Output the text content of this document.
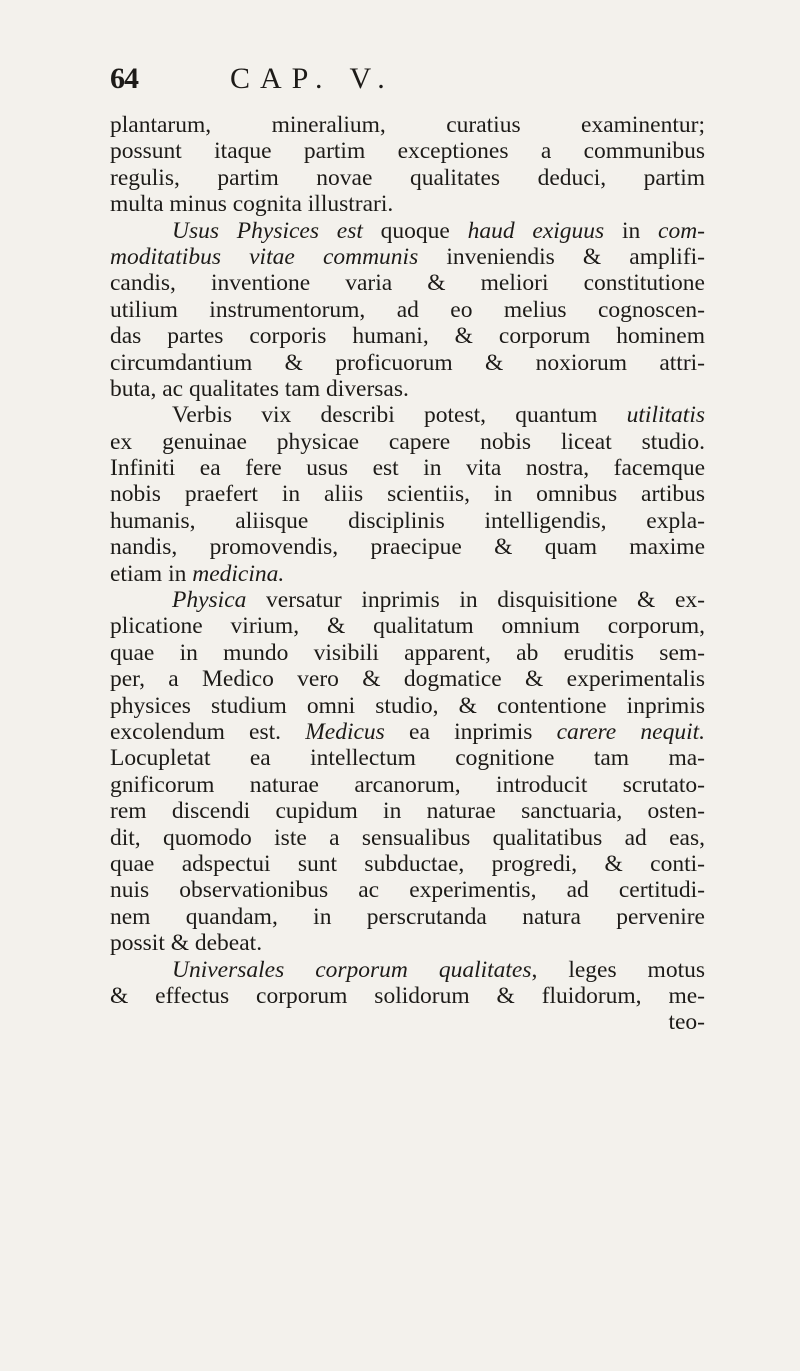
64	CAP. V.
plantarum, mineralium, curatius examinentur;
possunt itaque partim exceptiones a communibus
regulis, partim novae qualitates deduci, partim
multa minus cognita illustrari.
Usus Physices est quoque haud exiguus in com-
moditatibus vitae communis inveniendis & amplifi-
candis, inventione varia & meliori constitutione
utilium instrumentorum, ad eo melius cognoscen-
das partes corporis humani, & corporum hominem
circumdantium & proficuorum & noxiorum attri-
buta, ac qualitates tam diversas.
Verbis vix describi potest, quantum utilitatis
ex genuinae physicae capere nobis liceat studio.
Infiniti ea fere usus est in vita nostra, facemque
nobis praefert in aliis scientiis, in omnibus artibus
humanis, aliisque disciplinis intelligendis, expla-
nandis, promovendis, praecipue & quam maxime
etiam in medicina.
Physica versatur inprimis in disquisitione & ex-
plicatione virium, & qualitatum omnium corporum,
quae in mundo visibili apparent, ab eruditis sem-
per, a Medico vero & dogmatice & experimentalis
physices studium omni studio, & contentione inprimis
excolendum est. Medicus ea inprimis carere nequit.
Locupletat ea intellectum cognitione tam ma-
gnificorum naturae arcanorum, introducit scrutato-
rem discendi cupidum in naturae sanctuaria, osten-
dit, quomodo iste a sensualibus qualitatibus ad eas,
quae adspectui sunt subductae, progredi, & conti-
nuis observationibus ac experimentis, ad certitudi-
nem quandam, in perscrutanda natura pervenire
possit & debeat.
Universales corporum qualitates, leges motus
& effectus corporum solidorum & fluidorum, me-
teo-
